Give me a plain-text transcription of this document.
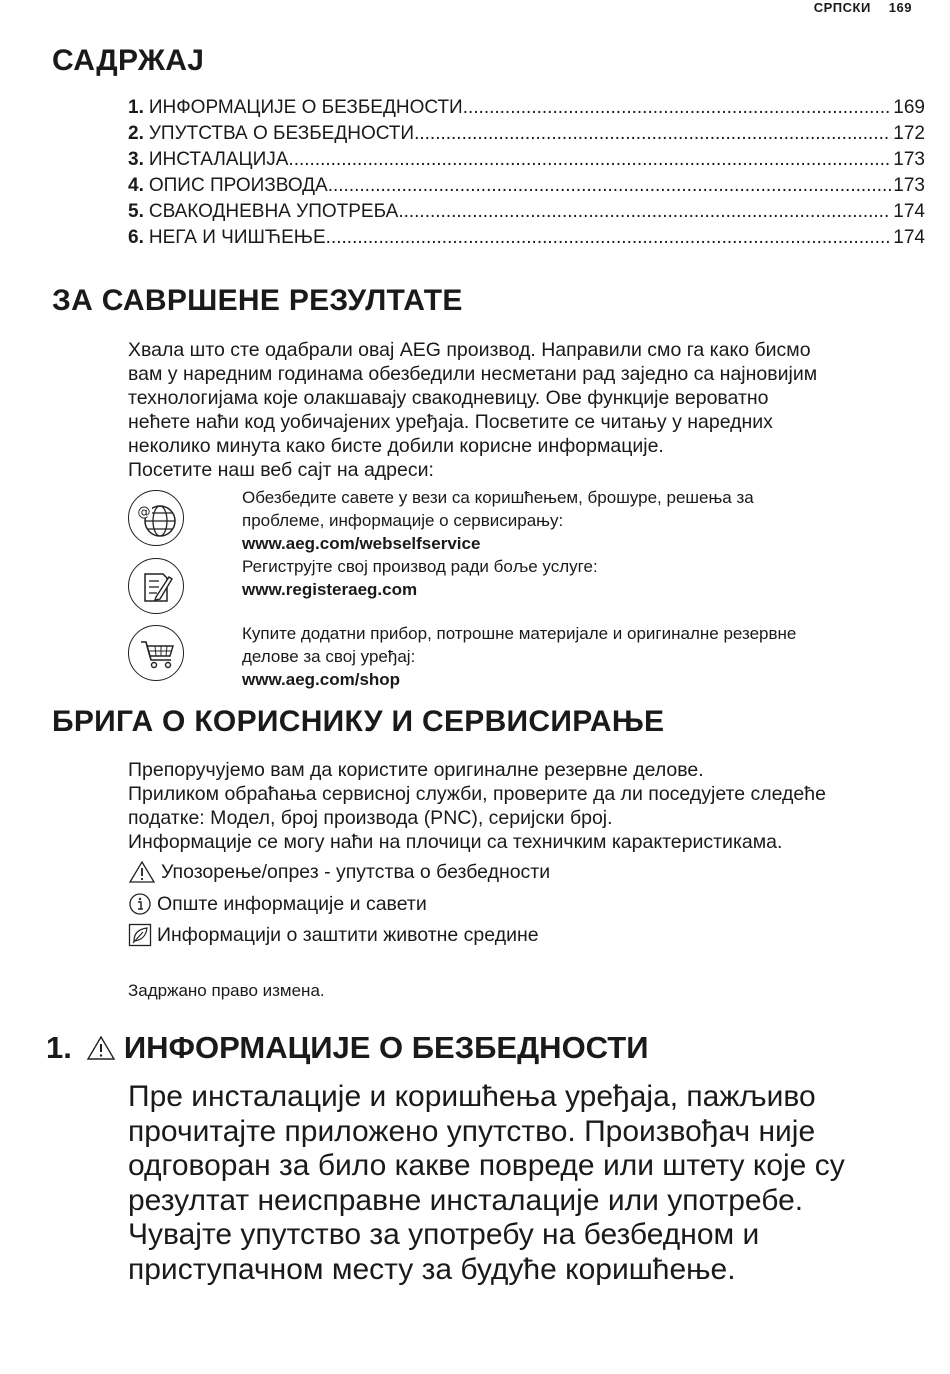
СРПСКИ 169
САДРЖАЈ
1. ИНФОРМАЦИЈЕ О БЕЗБЕДНОСТИ .....	169
2. УПУТСТВА О БЕЗБЕДНОСТИ .....	172
3. ИНСТАЛАЦИЈА .....	173
4. ОПИС ПРОИЗВОДА .....	173
5. СВАКОДНЕВНА УПОТРЕБА .....	174
6. НЕГА И ЧИШЋЕЊЕ .....	174
ЗА САВРШЕНЕ РЕЗУЛТАТЕ
Хвала што сте одабрали овај AEG производ. Направили смо га како бисмо
вам у наредним годинама обезбедили несметани рад заједно са најновијим
технологијама које олакшавају свакодневицу. Ове функције вероватно
нећете наћи код уобичајених уређаја. Посветите се читању у наредних
неколико минута како бисте добили корисне информације.
Посетите наш веб сајт на адреси:
@
Обезбедите савете у вези са коришћењем, брошуре, решења за
проблеме, информације о сервисирању:
www.aeg.com/webselfservice
Региструјте свој производ ради боље услуге:
www.registeraeg.com
Купите додатни прибор, потрошне материјале и оригиналне резервне
делове за свој уређај:
www.aeg.com/shop
БРИГА О КОРИСНИКУ И СЕРВИСИРАЊЕ
Препоручујемо вам да користите оригиналне резервне делове.
Приликом обраћања сервисној служби, проверите да ли поседујете следеће
податке: Модел, број производа (PNC), серијски број.
Информације се могу наћи на плочици са техничким карактеристикама.
Упозорење/опрез - упутства о безбедности
Опште информације и савети
Информацији о заштити животне средине
Задржано право измена.
1. ИНФОРМАЦИЈЕ О БЕЗБЕДНОСТИ
Пре инсталације и коришћења уређаја, пажљиво
прочитајте приложено упутство. Произвођач није
одговоран за било какве повреде или штету које су
резултат неисправне инсталације или употребе.
Чувајте упутство за употребу на безбедном и
приступачном месту за будуће коришћење.
